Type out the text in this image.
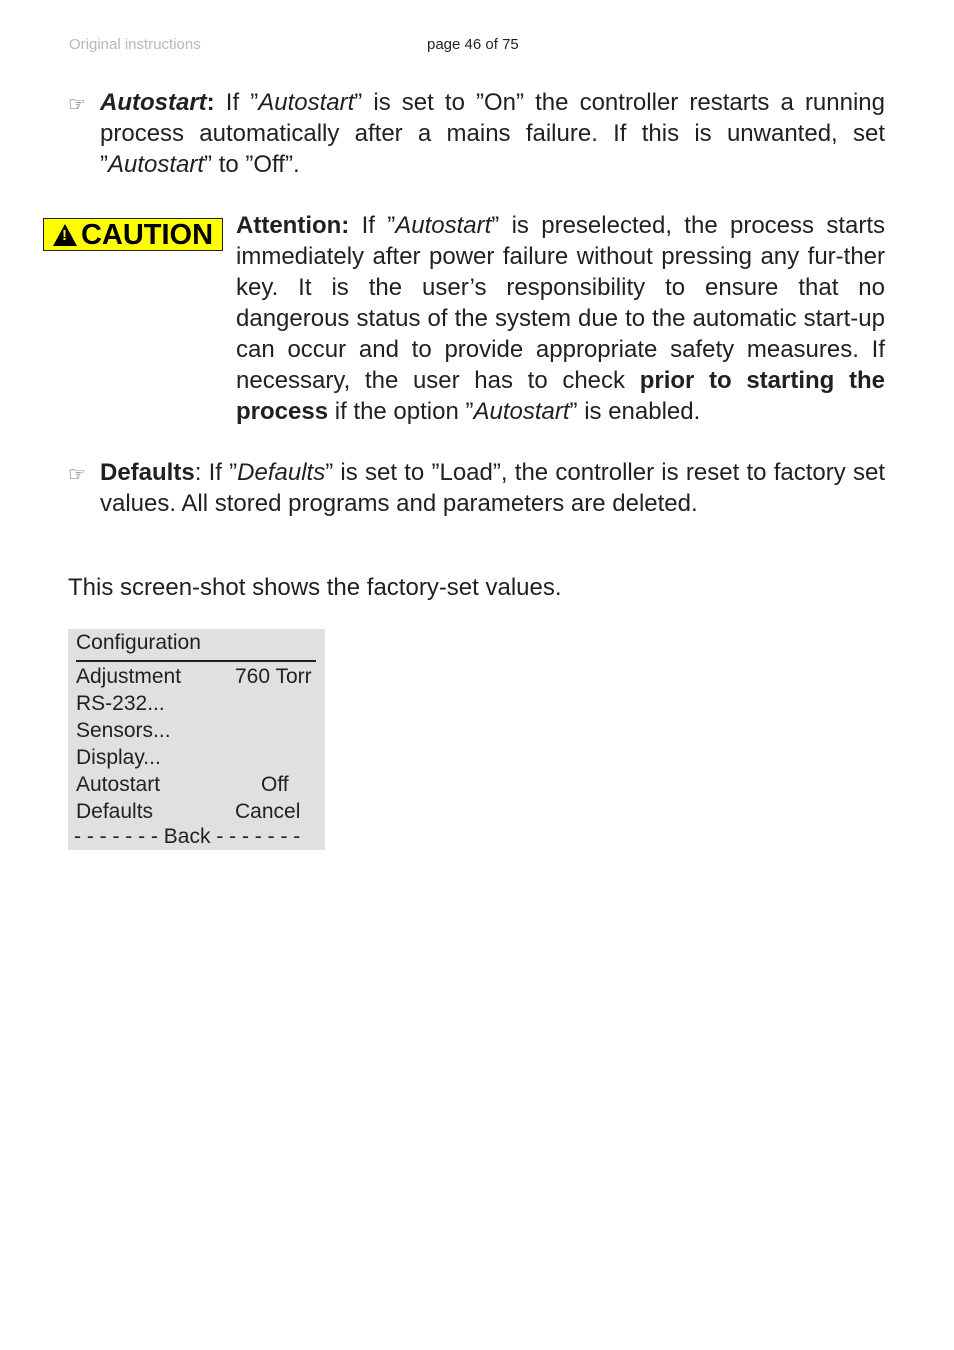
Original instructions	page 46 of 75
☞ Autostart: If ”Autostart” is set to ”On” the controller restarts a running process automatically after a mains failure. If this is unwanted, set ”Autostart” to ”Off”.
!
CAUTION Attention: If ”Autostart” is preselected, the process starts immediately after power failure without pressing any fur-ther key. It is the user’s responsibility to ensure that no dangerous status of the system due to the automatic start-up can occur and to provide appropriate safety measures. If necessary, the user has to check prior to starting the process if the option ”Autostart” is enabled.
☞ Defaults: If ”Defaults” is set to ”Load”, the controller is reset to factory set values. All stored programs and parameters are deleted.
This screen-shot shows the factory-set values.
Configuration
Adjustment	760 Torr
RS-232...
Sensors...
Display...
Autostart	Off
Defaults	Cancel
- - - - - - - Back - - - - - - -
